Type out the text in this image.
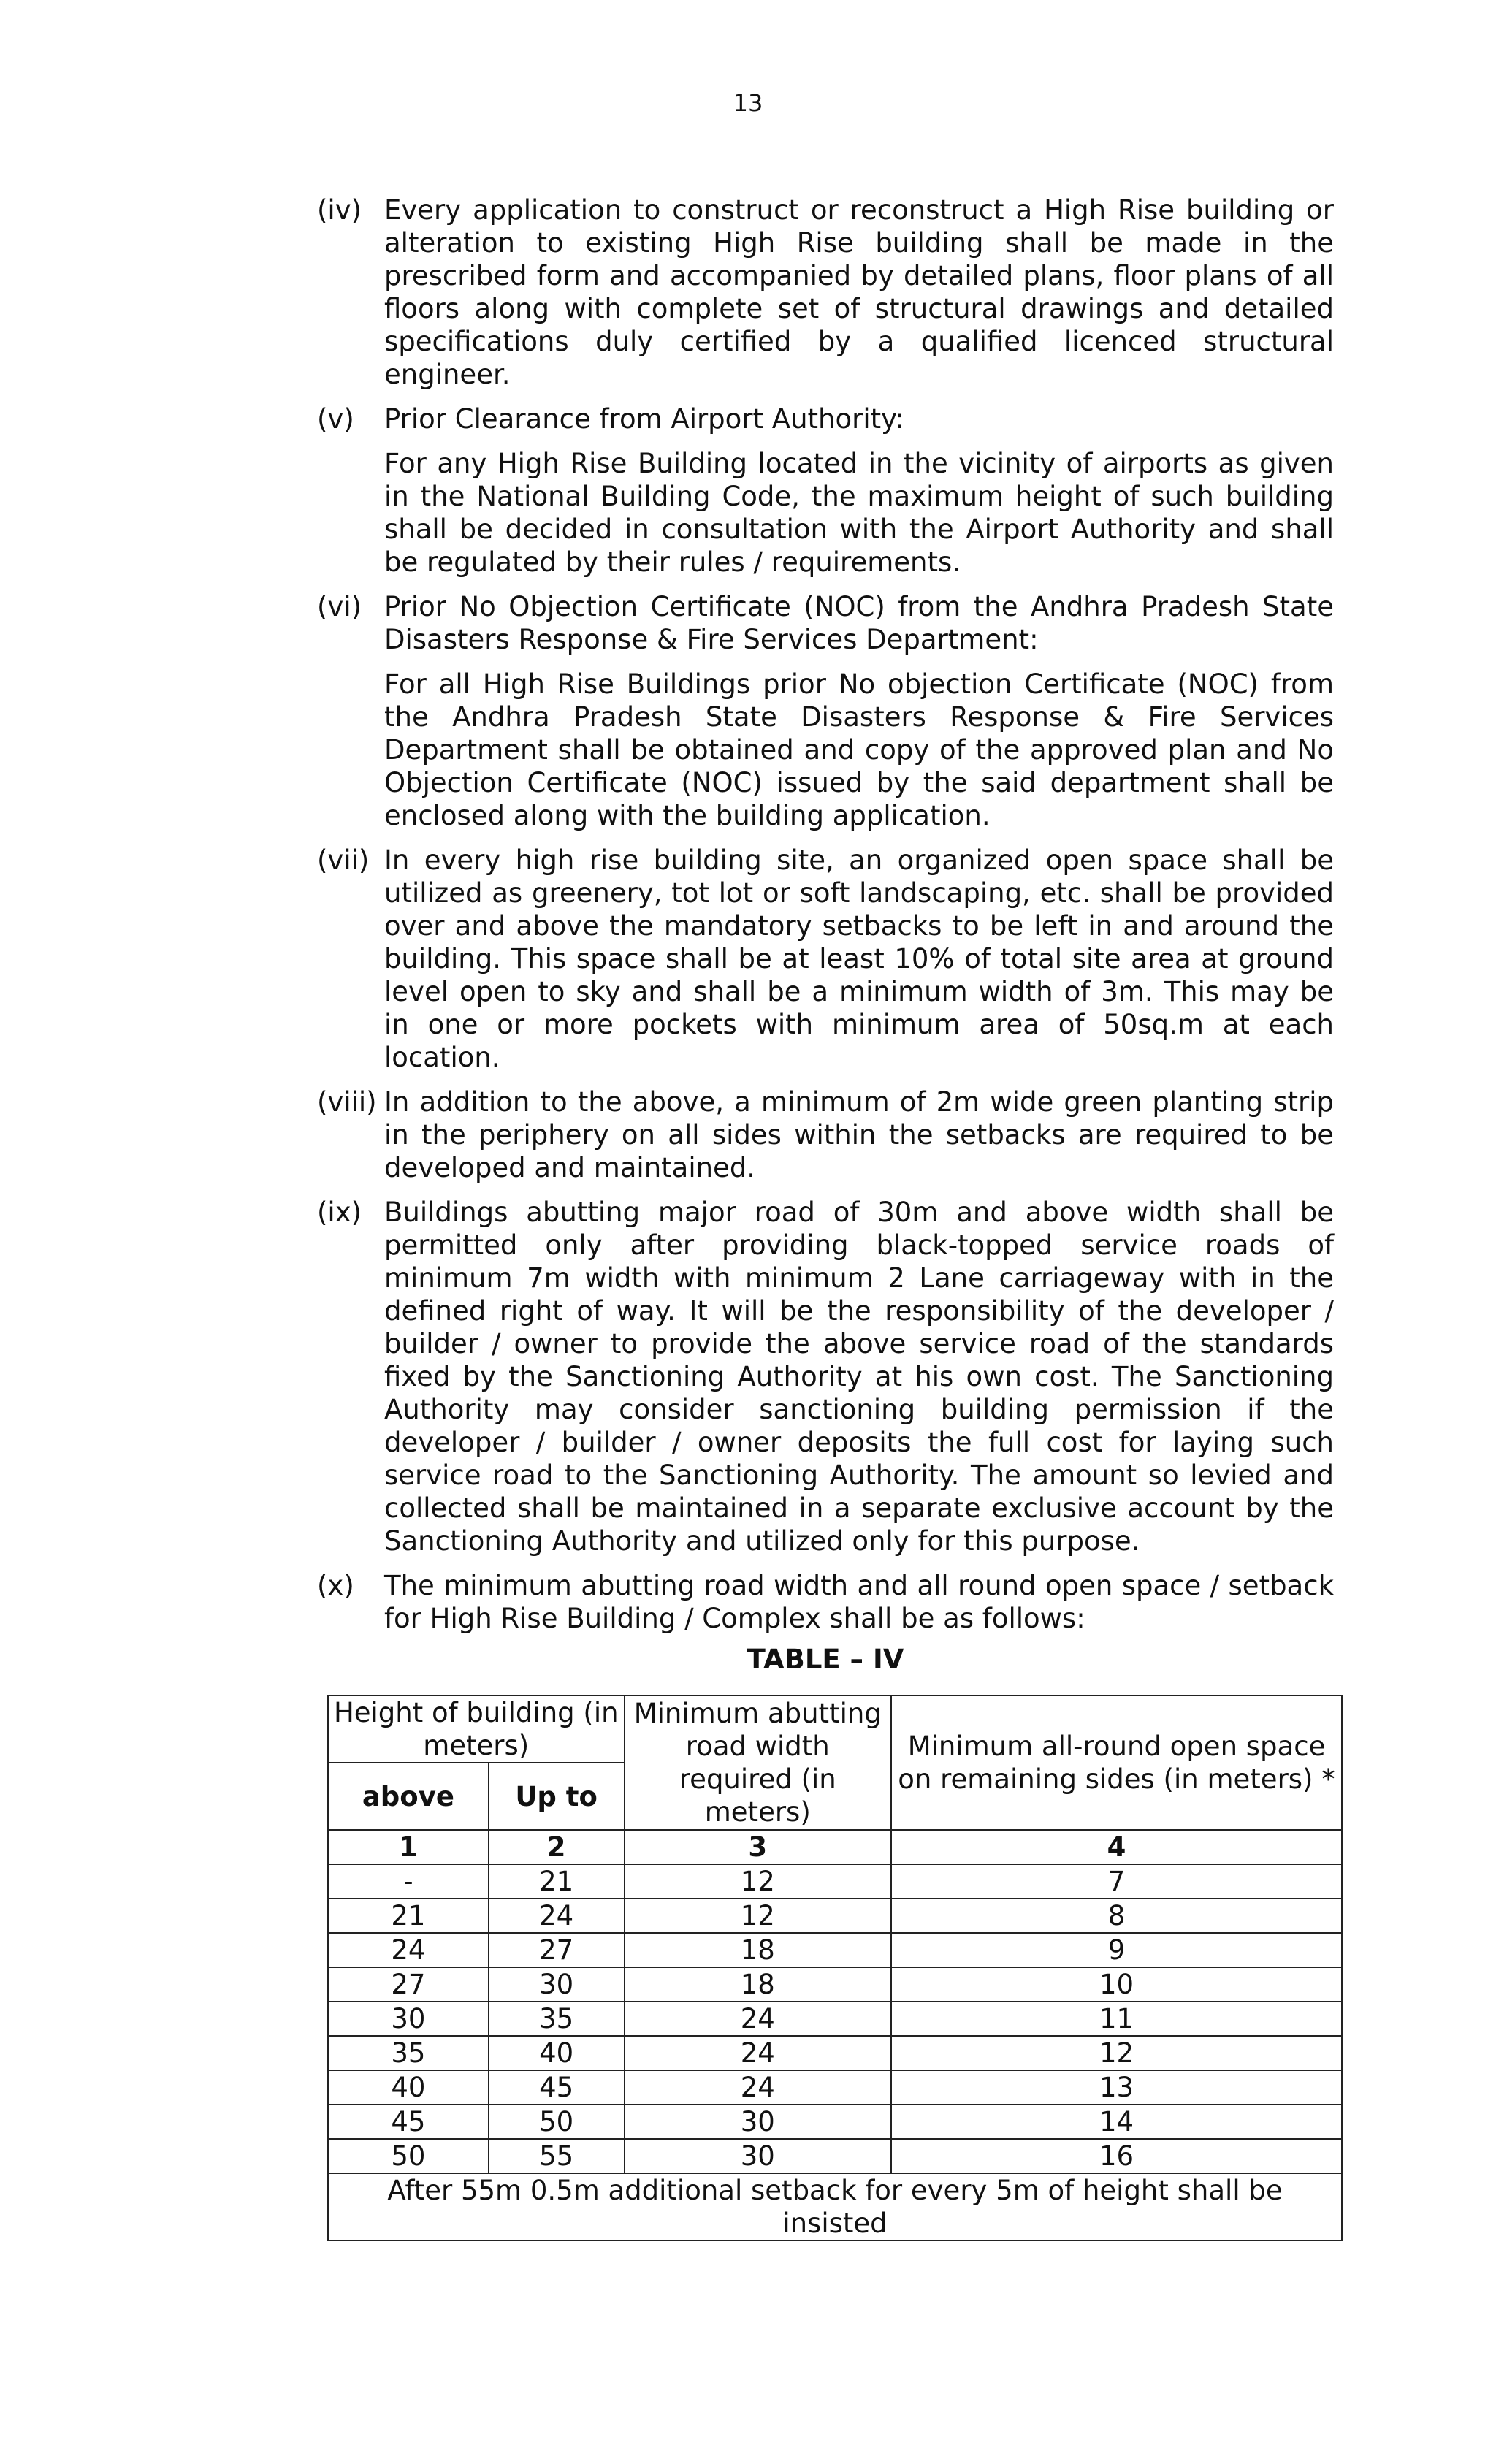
13
(iv) Every application to construct or reconstruct a High Rise building or alteration to existing High Rise building shall be made in the prescribed form and accompanied by detailed plans, floor plans of all floors along with complete set of structural drawings and detailed specifications duly certified by a qualified licenced structural engineer.

(v)	Prior Clearance from Airport Authority:

For any High Rise Building located in the vicinity of airports as given in the National Building Code, the maximum height of such building shall be decided in consultation with the Airport Authority and shall be regulated by their rules / requirements.

(vi) Prior No Objection Certificate (NOC) from the Andhra Pradesh State Disasters Response & Fire Services Department:

For all High Rise Buildings prior No objection Certificate (NOC) from the Andhra Pradesh State Disasters Response & Fire Services Department shall be obtained and copy of the approved plan and No Objection Certificate (NOC) issued by the said department shall be enclosed along with the building application.

(vii) In every high rise building site, an organized open space shall be utilized as greenery, tot lot or soft landscaping, etc. shall be provided over and above the mandatory setbacks to be left in and around the building. This space shall be at least 10% of total site area at ground level open to sky and shall be a minimum width of 3m. This may be in one or more pockets with minimum area of 50sq.m at each location.

(viii) In addition to the above, a minimum of 2m wide green planting strip in the periphery on all sides within the setbacks are required to be developed and maintained.

(ix) Buildings abutting major road of 30m and above width shall be permitted only after providing black-topped service roads of minimum 7m width with minimum 2 Lane carriageway with in the defined right of way. It will be the responsibility of the developer / builder / owner to provide the above service road of the standards fixed by the Sanctioning Authority at his own cost. The Sanctioning Authority may consider sanctioning building permission if the developer / builder / owner deposits the full cost for laying such service road to the Sanctioning Authority. The amount so levied and collected shall be maintained in a separate exclusive account by the Sanctioning Authority and utilized only for this purpose.

(x)	The minimum abutting road width and all round open space / setback for High Rise Building / Complex shall be as follows:

TABLE – IV
Height of building (in meters)		Minimum abutting road width required (in meters)	Minimum all-round open space on remaining sides (in meters) *
above	Up to		
1	2	3	4
-	21	12	7
21	24	12	8
24	27	18	9
27	30	18	10
30	35	24	11
35	40	24	12
40	45	24	13
45	50	30	14
50	55	30	16
After 55m 0.5m additional setback for every 5m of height shall be insisted			
